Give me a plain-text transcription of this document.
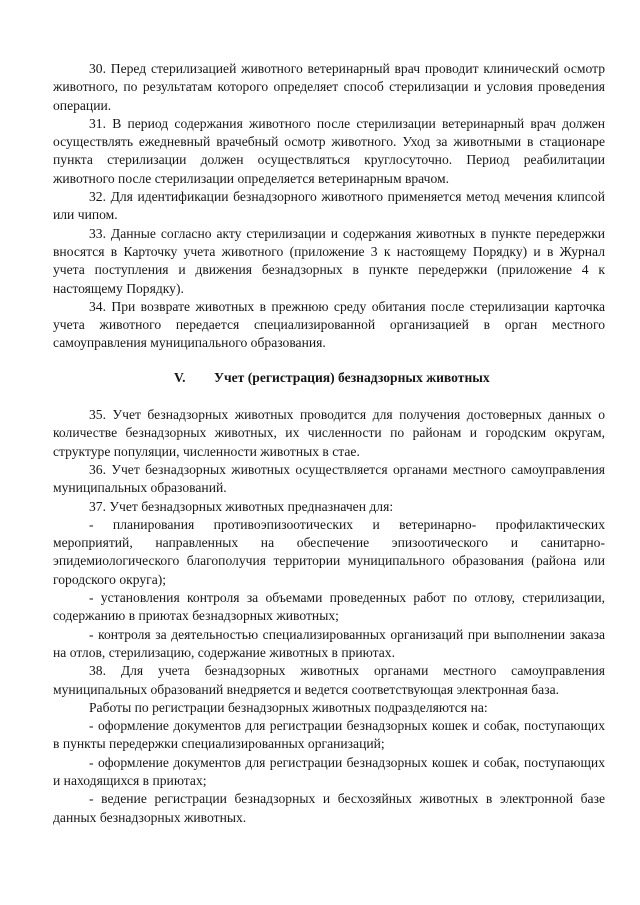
30. Перед стерилизацией животного ветеринарный врач проводит клинический осмотр животного, по результатам которого определяет способ стерилизации и условия проведения операции.

31. В период содержания животного после стерилизации ветеринарный врач должен осуществлять ежедневный врачебный осмотр животного. Уход за животными в стационаре пункта стерилизации должен осуществляться круглосуточно. Период реабилитации животного после стерилизации определяется ветеринарным врачом.

32. Для идентификации безнадзорного животного применяется метод мечения клипсой или чипом.

33. Данные согласно акту стерилизации и содержания животных в пункте передержки вносятся в Карточку учета животного (приложение 3 к настоящему Порядку) и в Журнал учета поступления и движения безнадзорных в пункте передержки (приложение 4 к настоящему Порядку).

34. При возврате животных в прежнюю среду обитания после стерилизации карточка учета животного передается специализированной организацией в орган местного самоуправления муниципального образования.

V. Учет (регистрация) безнадзорных животных

35. Учет безнадзорных животных проводится для получения достоверных данных о количестве безнадзорных животных, их численности по районам и городским округам, структуре популяции, численности животных в стае.

36. Учет безнадзорных животных осуществляется органами местного самоуправления муниципальных образований.

37. Учет безнадзорных животных предназначен для:

- планирования противоэпизоотических и ветеринарно- профилактических мероприятий, направленных на обеспечение эпизоотического и санитарно-эпидемиологического благополучия территории муниципального образования (района или городского округа);

- установления контроля за объемами проведенных работ по отлову, стерилизации, содержанию в приютах безнадзорных животных;

- контроля за деятельностью специализированных организаций при выполнении заказа на отлов, стерилизацию, содержание животных в приютах.

38. Для учета безнадзорных животных органами местного самоуправления муниципальных образований внедряется и ведется соответствующая электронная база.

Работы по регистрации безнадзорных животных подразделяются на:

- оформление документов для регистрации безнадзорных кошек и собак, поступающих в пункты передержки специализированных организаций;

- оформление документов для регистрации безнадзорных кошек и собак, поступающих и находящихся в приютах;

- ведение регистрации безнадзорных и бесхозяйных животных в электронной базе данных безнадзорных животных.
